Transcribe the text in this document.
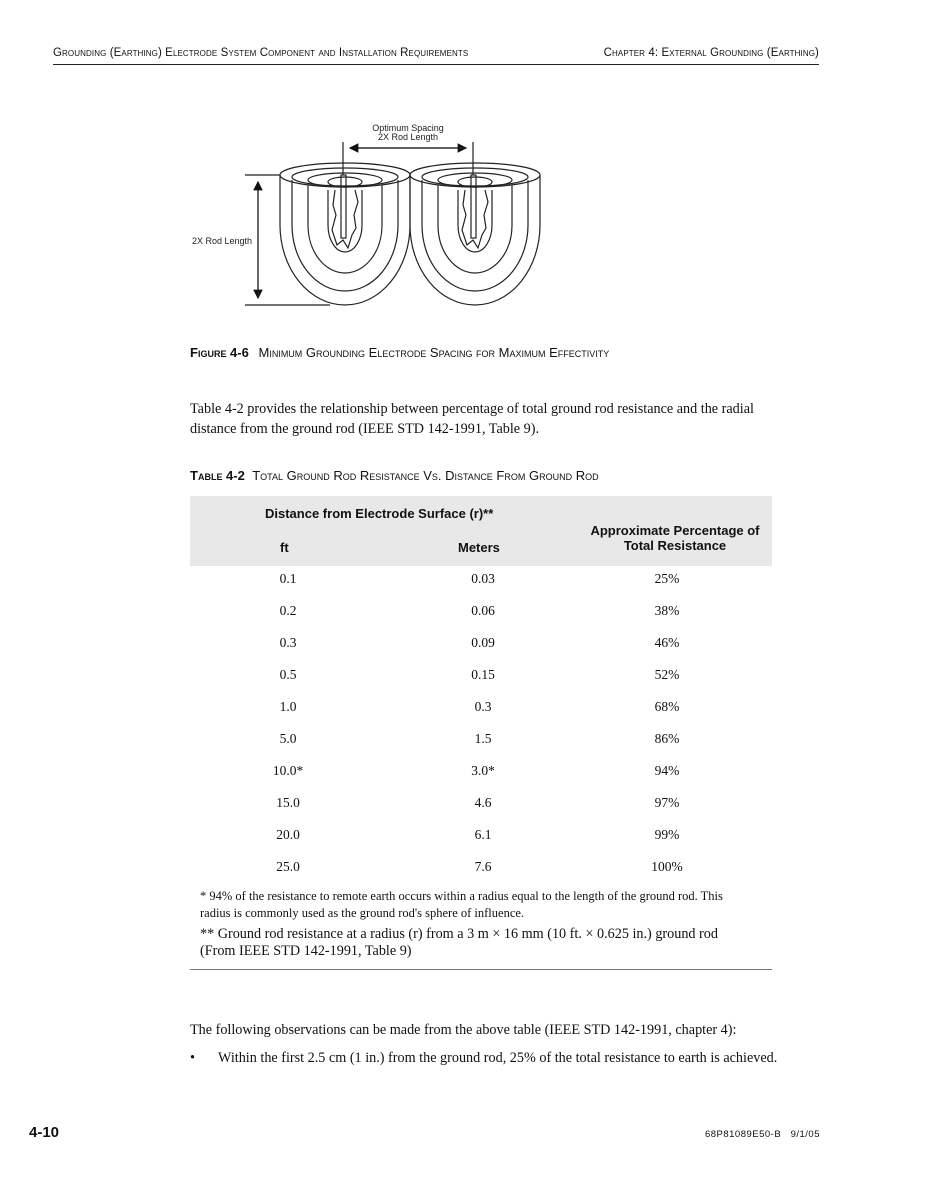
Grounding (Earthing) Electrode System Component and Installation Requirements	Chapter 4: External Grounding (Earthing)
Optimum Spacing
2X Rod Length
2X Rod Length
Figure 4-6 Minimum Grounding Electrode Spacing for Maximum Effectivity
Table 4-2 provides the relationship between percentage of total ground rod resistance and the radial
distance from the ground rod (IEEE STD 142-1991, Table 9).
Table 4-2 Total Ground Rod Resistance Vs. Distance From Ground Rod
Distance from Electrode Surface (r)**
ft	Meters
Approximate Percentage of
Total Resistance
0.1	0.03	25%
0.2	0.06	38%
0.3	0.09	46%
0.5	0.15	52%
1.0	0.3	68%
5.0	1.5	86%
10.0*	3.0*	94%
15.0	4.6	97%
20.0	6.1	99%
25.0	7.6	100%
* 94% of the resistance to remote earth occurs within a radius equal to the length of the ground rod. This
radius is commonly used as the ground rod's sphere of influence.
** Ground rod resistance at a radius (r) from a 3 m × 16 mm (10 ft. × 0.625 in.) ground rod
(From IEEE STD 142-1991, Table 9)
The following observations can be made from the above table (IEEE STD 142-1991, chapter 4):
• Within the first 2.5 cm (1 in.) from the ground rod, 25% of the total resistance to earth is achieved.
4-10	68P81089E50-B   9/1/05
